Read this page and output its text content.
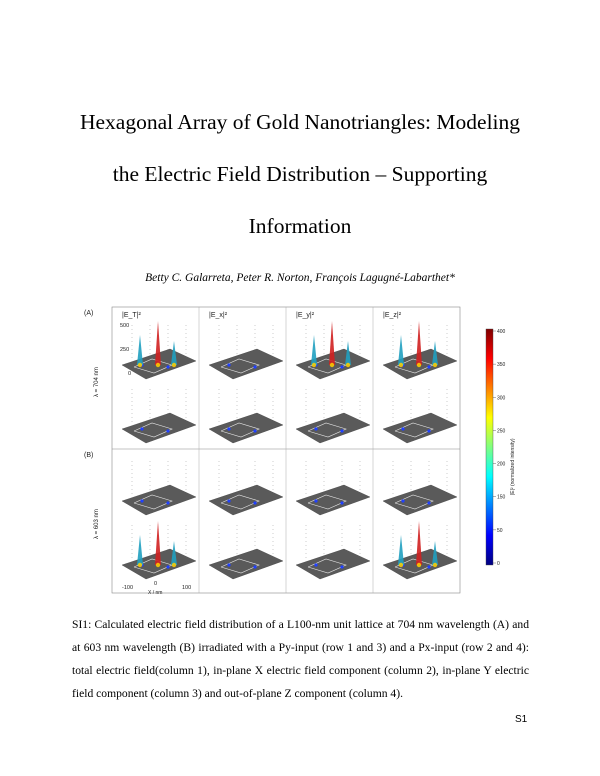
Hexagonal Array of Gold Nanotriangles: Modeling
the Electric Field Distribution – Supporting
Information
Betty C. Galarreta, Peter R. Norton, François Lagugné-Labarthet*
(A)
(B)
λ = 704 nm
λ = 603 nm
|E_T|²	|E_x|²	|E_y|²	|E_z|²
500
250
0
-100
0
100
X / nm
400
350
300
250
200
150
50
0
|E|² (normalized intensity)

SI1: Calculated electric field distribution of a L100-nm unit lattice at 704 nm wavelength (A) and at 603 nm wavelength (B) irradiated with a Py-input (row 1 and 3) and a Px-input (row 2 and 4): total electric field(column 1), in-plane X electric field component (column 2), in-plane Y electric field component (column 3) and out-of-plane Z component (column 4).

S1
